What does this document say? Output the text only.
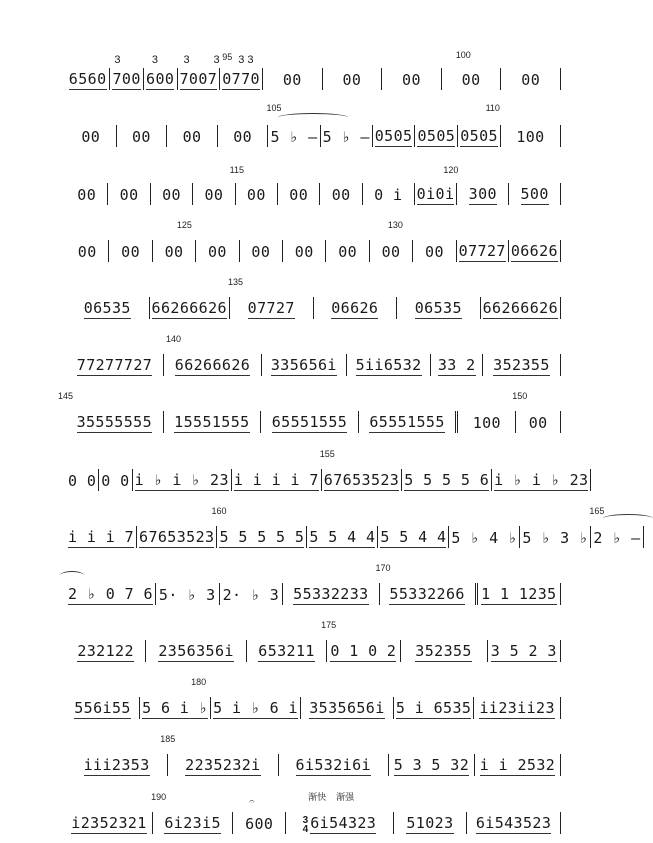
6560
3
700
3
600
3 3
7007
95 3 3
0770 00	00	00
100
00	00
00 00 00 00
105
5 ♭ — 5 ♭ — 0505 0505
110
0505 100
00 00 00 00
115
00 00 00 0 i
120
0i0i 300 500
00 00
125
00 00 00 00 00
130
00 00 07727 06626
06535 66266626
135
07727 06626 06535 66266626
77277727
140
66266626 335656i 5ii6532 33 2 352355
145
35555555 15551555 65551555 65551555 100
150
00
0 0 0 0 i ♭ i ♭ 23 i i i i 7
155
67653523 5 5 5 5 6 i ♭ i ♭ 23
i i i 7 67653523
160
5 5 5 5 5 5 5 4 4 5 5 4 4 5 ♭ 4 ♭ 5 ♭ 3 ♭
165
2 ♭ —
2 ♭ 0 7 6 5· ♭ 3 2· ♭ 3 55332233
170
55332266 1 1 1235
232122 2356356i 653211
175
0 1 0 2 352355 3 5 2 3
556i55
180
5 6 i ♭ 5 i ♭ 6 i 3535656i 5 i 6535 ii23ii23
iii2353
185
2235232i 6i532i6i 5 3 5 32 i i 2532
i2352321
190
6i23i5
𝄐
600
渐快 渐强
3
4 6i54323 51023 6i543523
